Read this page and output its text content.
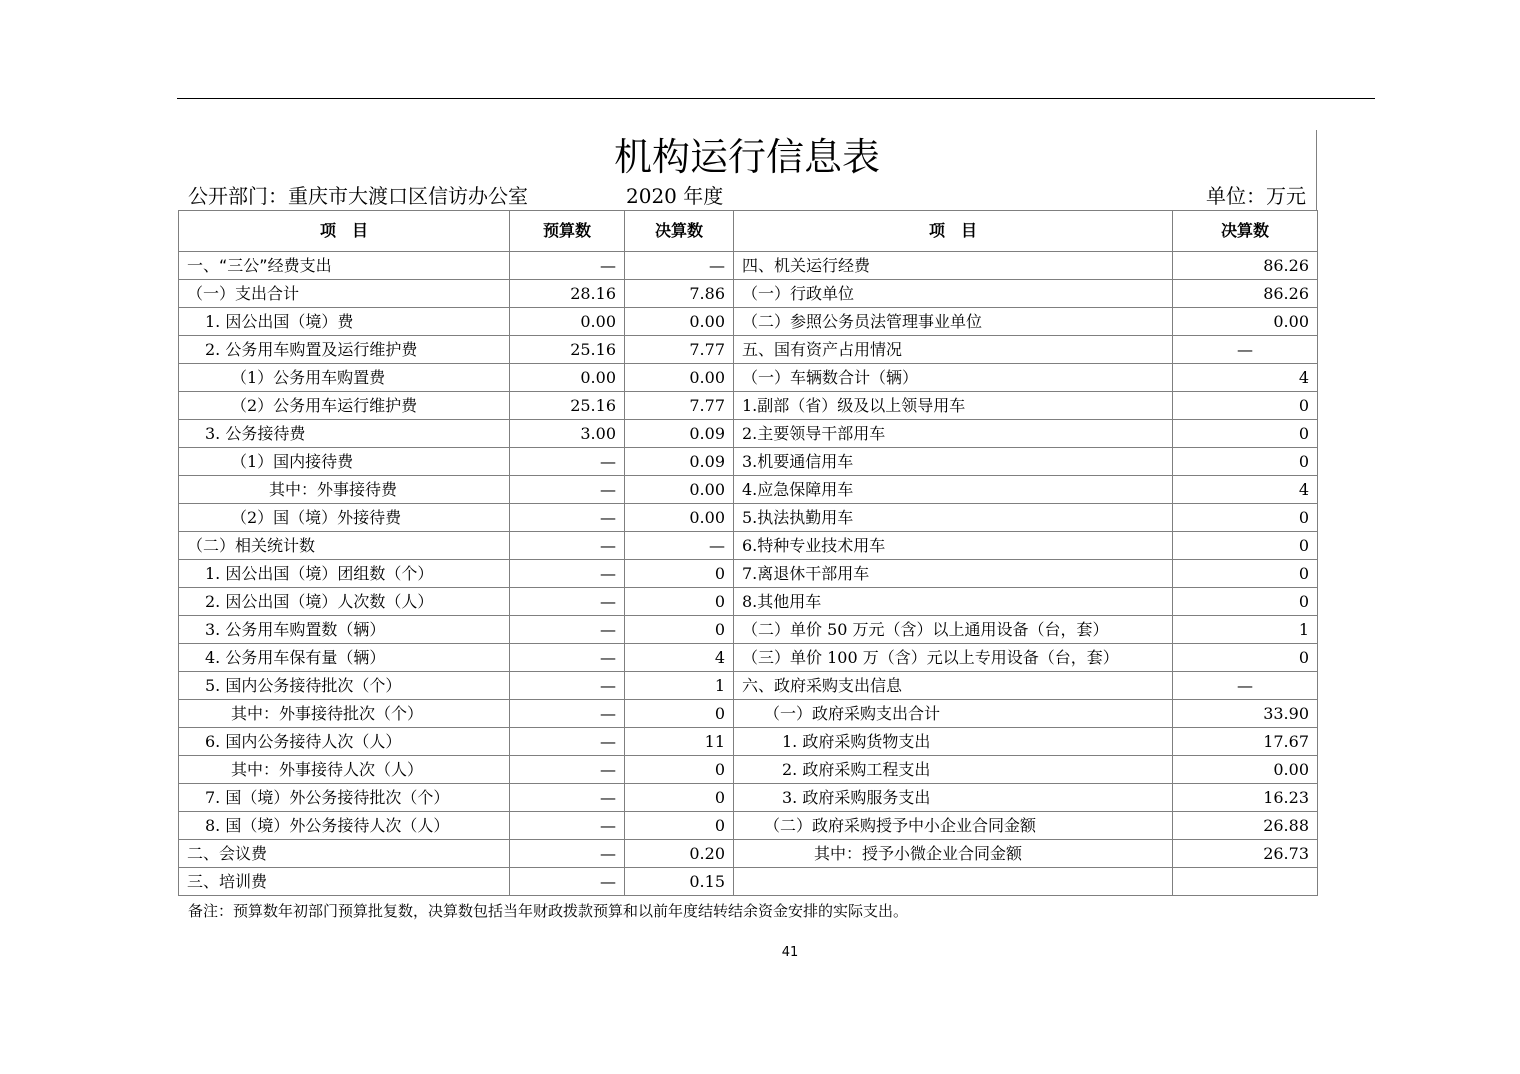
机构运行信息表
公开部门：重庆市大渡口区信访办公室	2020 年度	单位：万元
项　目	预算数	决算数	项　目	决算数
一、“三公”经费支出	—	—	四、机关运行经费	86.26
（一）支出合计	28.16	7.86	（一）行政单位	86.26
1. 因公出国（境）费	0.00	0.00	（二）参照公务员法管理事业单位	0.00
2. 公务用车购置及运行维护费	25.16	7.77	五、国有资产占用情况	—
（1）公务用车购置费	0.00	0.00	（一）车辆数合计（辆）	4
（2）公务用车运行维护费	25.16	7.77	1.副部（省）级及以上领导用车	0
3. 公务接待费	3.00	0.09	2.主要领导干部用车	0
（1）国内接待费	—	0.09	3.机要通信用车	0
其中：外事接待费	—	0.00	4.应急保障用车	4
（2）国（境）外接待费	—	0.00	5.执法执勤用车	0
（二）相关统计数	—	—	6.特种专业技术用车	0
1. 因公出国（境）团组数（个）	—	0	7.离退休干部用车	0
2. 因公出国（境）人次数（人）	—	0	8.其他用车	0
3. 公务用车购置数（辆）	—	0	（二）单价 50 万元（含）以上通用设备（台，套）	1
4. 公务用车保有量（辆）	—	4	（三）单价 100 万（含）元以上专用设备（台，套）	0
5. 国内公务接待批次（个）	—	1	六、政府采购支出信息	—
其中：外事接待批次（个）	—	0	（一）政府采购支出合计	33.90
6. 国内公务接待人次（人）	—	11	1. 政府采购货物支出	17.67
其中：外事接待人次（人）	—	0	2. 政府采购工程支出	0.00
7. 国（境）外公务接待批次（个）	—	0	3. 政府采购服务支出	16.23
8. 国（境）外公务接待人次（人）	—	0	（二）政府采购授予中小企业合同金额	26.88
二、会议费	—	0.20	其中：授予小微企业合同金额	26.73
三、培训费	—	0.15		
备注：预算数年初部门预算批复数，决算数包括当年财政拨款预算和以前年度结转结余资金安排的实际支出。
41
